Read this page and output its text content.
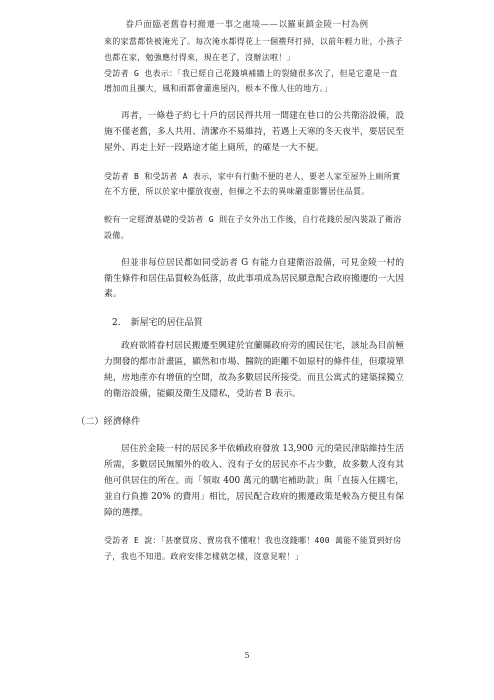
眷戶面臨老舊眷村搬遷一事之處境——以羅東鎮金陵一村為例

來的家當都快被淹光了。每次淹水都得花上一個禮拜打掃，以前年輕力壯，小孩子也都在家，勉強應付得來，現在老了，沒辦法啦！」

受訪者 G 也表示：「我已經自己花錢填補牆上的裂縫很多次了，但是它還是一直增加而且擴大，風和雨都會灌進屋內，根本不像人住的地方。」

再者，一條巷子約七十戶的居民得共用一間建在巷口的公共衛浴設備，設施不僅老舊，多人共用、清潔亦不易維持，若遇上天寒的冬天夜半，要居民至屋外、再走上好一段路途才能上廁所，的確是一大不便。

受訪者 B 和受訪者 A 表示，家中有行動不便的老人，要老人家至屋外上廁所實在不方便，所以於家中擺放夜壺，但揮之不去的異味嚴重影響居住品質。

較有一定經濟基礎的受訪者 G 則在子女外出工作後，自行花錢於屋內裝設了衛浴設備。

但並非每位居民都如同受訪者 G 有能力自建衛浴設備，可見金陵一村的衛生條件和居住品質較為低落，故此事項成為居民願意配合政府搬遷的一大因素。

2. 新屋宅的居住品質

政府欲將眷村居民搬遷至興建於宜蘭縣政府旁的國民住宅，該址為目前極力開發的都市計畫區，顯然和市場、醫院的距離不如原村的條件佳，但環境單純，房地產亦有增值的空間，故為多數居民所接受。而且公寓式的建築採獨立的衛浴設備，能顧及衛生及隱私，受訪者 B 表示。

（二）經濟條件

居住於金陵一村的居民多半依賴政府發放 13,900 元的榮民津貼維持生活所需，多數居民無額外的收入、沒有子女的居民亦不占少數，故多數人沒有其他可供居住的所在。而「領取 400 萬元的購宅補助款」與「直接入住國宅，並自行負擔 20% 的費用」相比，居民配合政府的搬遷政策是較為方便且有保障的選擇。

受訪者 E 說：「甚麼買房、賣房我不懂啦！我也沒錢哪！400 萬能不能買到好房子，我也不知道。政府安排怎樣就怎樣，沒意見啦！」

5
